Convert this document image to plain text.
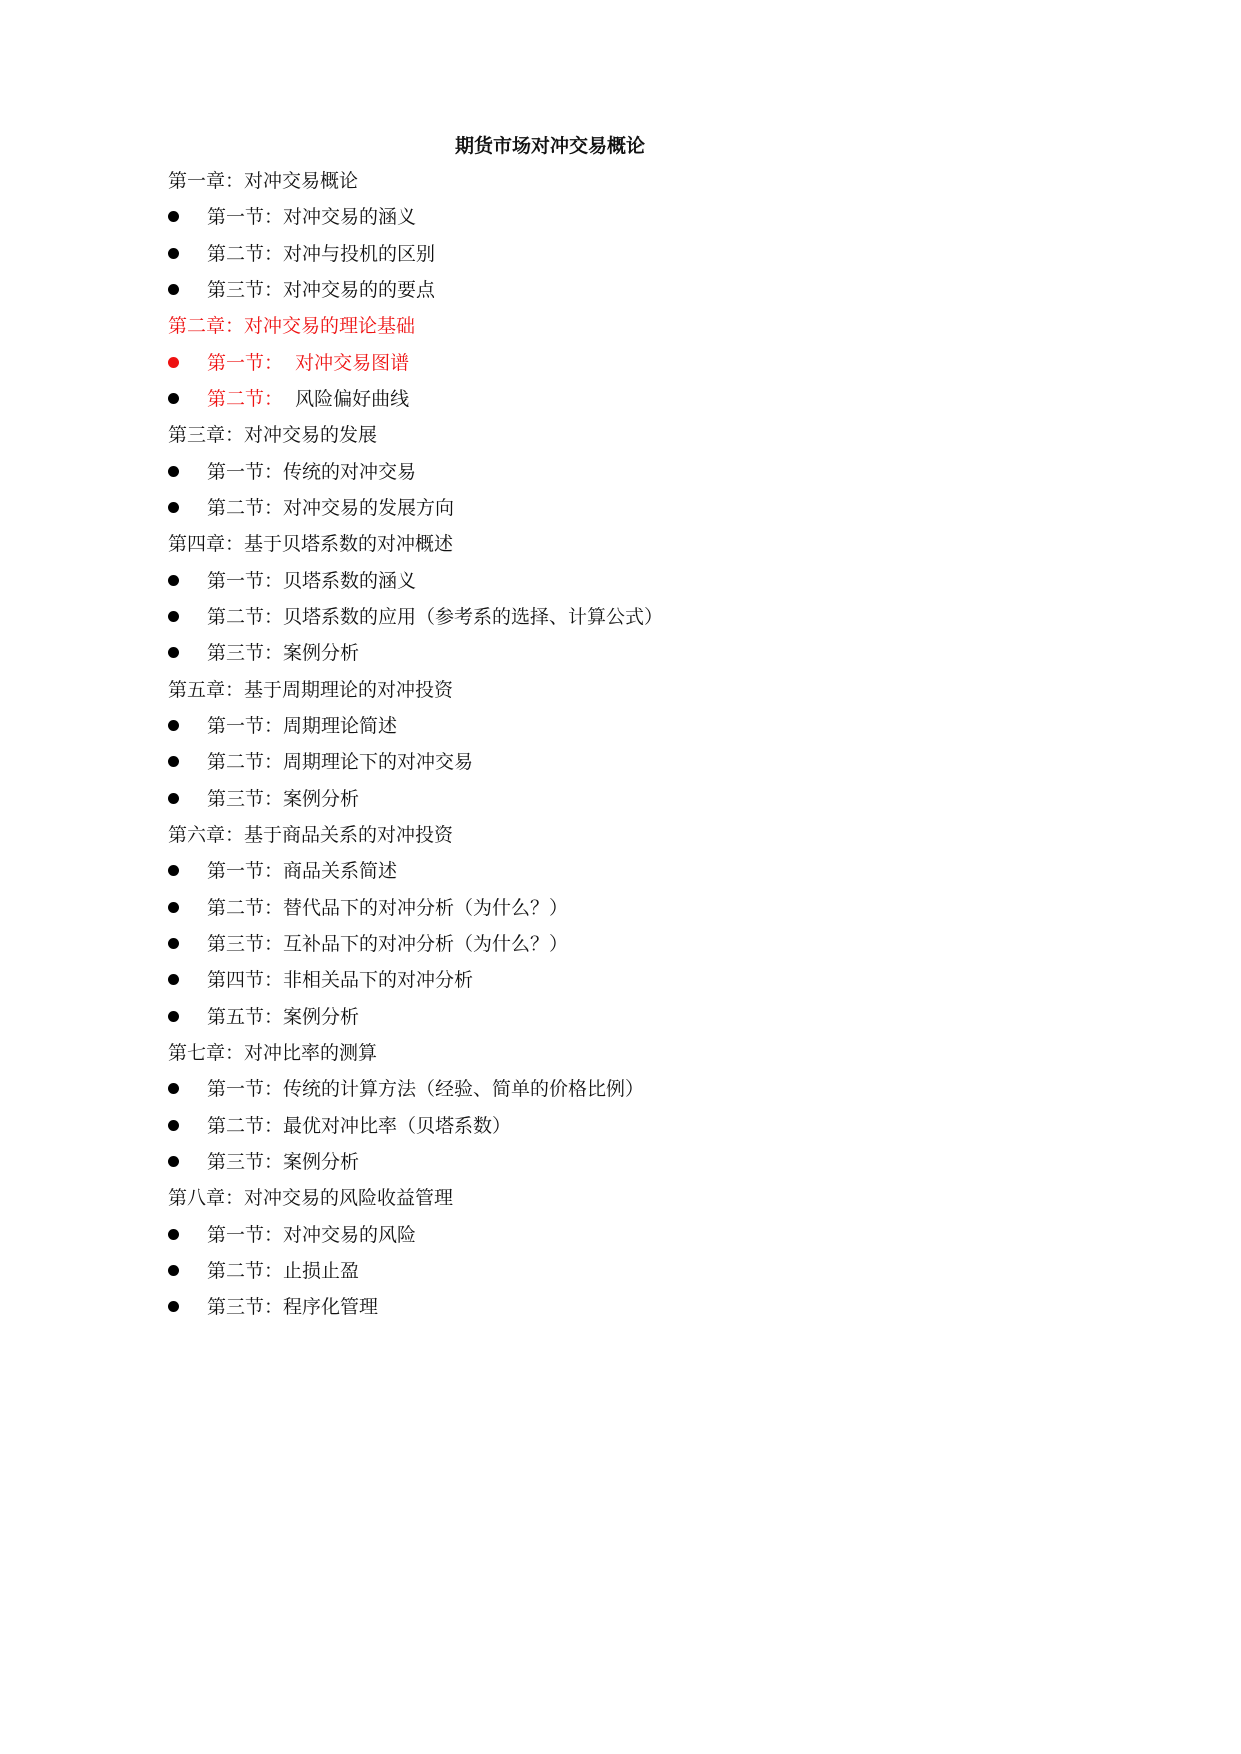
期货市场对冲交易概论
第一章：对冲交易概论
第一节：对冲交易的涵义
第二节：对冲与投机的区别
第三节：对冲交易的的要点
第二章：对冲交易的理论基础
第一节：  对冲交易图谱
第二节：  风险偏好曲线
第三章：对冲交易的发展
第一节：传统的对冲交易
第二节：对冲交易的发展方向
第四章：基于贝塔系数的对冲概述
第一节：贝塔系数的涵义
第二节：贝塔系数的应用（参考系的选择、计算公式）
第三节：案例分析
第五章：基于周期理论的对冲投资
第一节：周期理论简述
第二节：周期理论下的对冲交易
第三节：案例分析
第六章：基于商品关系的对冲投资
第一节：商品关系简述
第二节：替代品下的对冲分析（为什么？）
第三节：互补品下的对冲分析（为什么？）
第四节：非相关品下的对冲分析
第五节：案例分析
第七章：对冲比率的测算
第一节：传统的计算方法（经验、简单的价格比例）
第二节：最优对冲比率（贝塔系数）
第三节：案例分析
第八章：对冲交易的风险收益管理
第一节：对冲交易的风险
第二节：止损止盈
第三节：程序化管理
